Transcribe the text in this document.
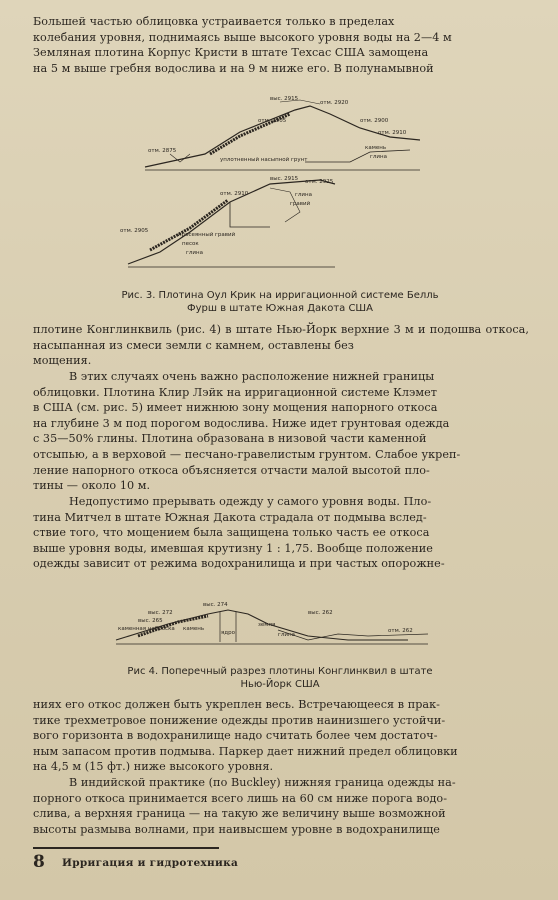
Большей частью облицовка устраивается только в пределах
колебания уровня, поднимаясь выше высокого уровня воды на 2—4 м
Земляная плотина Корпус Кристи в штате Техсас США замощена
на 5 м выше гребня водослива и на 9 м ниже его. В полунамывной
выс. 2915
отм. 2920
отм. 2905	отм. 2900
отм. 2910
отм. 2875
уплотненный насыпной грунт
камень
глина
выс. 2915 отм. 2925
глина
отм. 2910
отм. 2905
гравий
просеянный гравий
песок
глина
Рис. 3. Плотина Оул Крик на ирригационной системе Белль
Фурш в штате Южная Дакота США
плотине Конглинквиль (рис. 4) в штате Нью-Йорк верхние 3 м и подошва откоса, насыпанная из смеси земли с камнем, оставлены без
мощения.
В этих случаях очень важно расположение нижней границы
облицовки. Плотина Клир Лэйк на ирригационной системе Клэмет
в США (см. рис. 5) имеет нижнюю зону мощения напорного откоса
на глубине 3 м под порогом водослива. Ниже идет грунтовая одежда
с 35—50% глины. Плотина образована в низовой части каменной
отсыпью, а в верховой — песчано-гравелистым грунтом. Слабое укреп-
ление напорного откоса объясняется отчасти малой высотой пло-
тины — около 10 м.
Недопустимо прерывать одежду у самого уровня воды. Пло-
тина Митчел в штате Южная Дакота страдала от подмыва вслед-
ствие того, что мощением была защищена только часть ее откоса
выше уровня воды, имевшая крутизну 1 : 1,75. Вообще положение
одежды зависит от режима водохранилища и при частых опорожне-
выс. 274
выс. 272
выс. 265
выс. 262
каменная наброска
земля
ядро
камень
глина
отм. 262
Рис 4. Поперечный разрез плотины Конглинквил в штате
Нью-Йорк США
ниях его откос должен быть укреплен весь. Встречающееся в прак-
тике трехметровое понижение одежды против наинизшего устойчи-
вого горизонта в водохранилище надо считать более чем достаточ-
ным запасом против подмыва. Паркер дает нижний предел облицовки
на 4,5 м (15 фт.) ниже высокого уровня.
В индийской практике (по Buckley) нижняя граница одежды на-
порного откоса принимается всего лишь на 60 см ниже порога водо-
слива, а верхняя граница — на такую же величину выше возможной
высоты размыва волнами, при наивысшем уровне в водохранилище
8 Ирригация и гидротехника
